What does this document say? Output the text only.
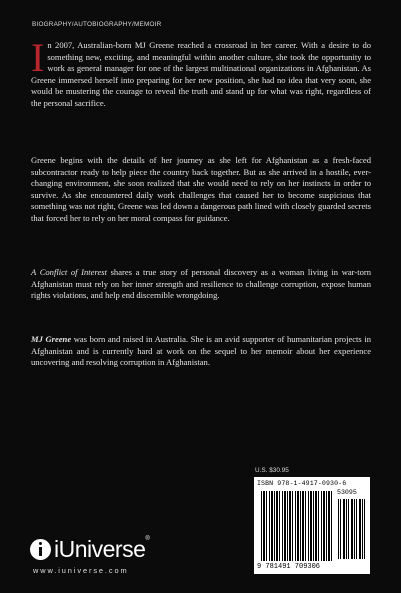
BIOGRAPHY/AUTOBIOGRAPHY/MEMOIR

In 2007, Australian-born MJ Greene reached a crossroad in her career. With a desire to do something new, exciting, and meaningful within another culture, she took the opportunity to work as general manager for one of the largest multinational organizations in Afghanistan. As Greene immersed herself into preparing for her new position, she had no idea that very soon, she would be mustering the courage to reveal the truth and stand up for what was right, regardless of the personal sacrifice.

Greene begins with the details of her journey as she left for Afghanistan as a fresh-faced subcontractor ready to help piece the country back together. But as she arrived in a hostile, ever-changing environment, she soon realized that she would need to rely on her instincts in order to survive. As she encountered daily work challenges that caused her to become suspicious that something was not right, Greene was led down a dangerous path lined with closely guarded secrets that forced her to rely on her moral compass for guidance.

A Conflict of Interest shares a true story of personal discovery as a woman living in war-torn Afghanistan must rely on her inner strength and resilience to challenge corruption, expose human rights violations, and help end discernible wrongdoing.

MJ Greene was born and raised in Australia. She is an avid supporter of humanitarian projects in Afghanistan and is currently hard at work on the sequel to her memoir about her experience uncovering and resolving corruption in Afghanistan.

U.S. $30.95
ISBN 978-1-4917-0930-6
53095
9 781491 709306
iUniverse®
www.iuniverse.com
